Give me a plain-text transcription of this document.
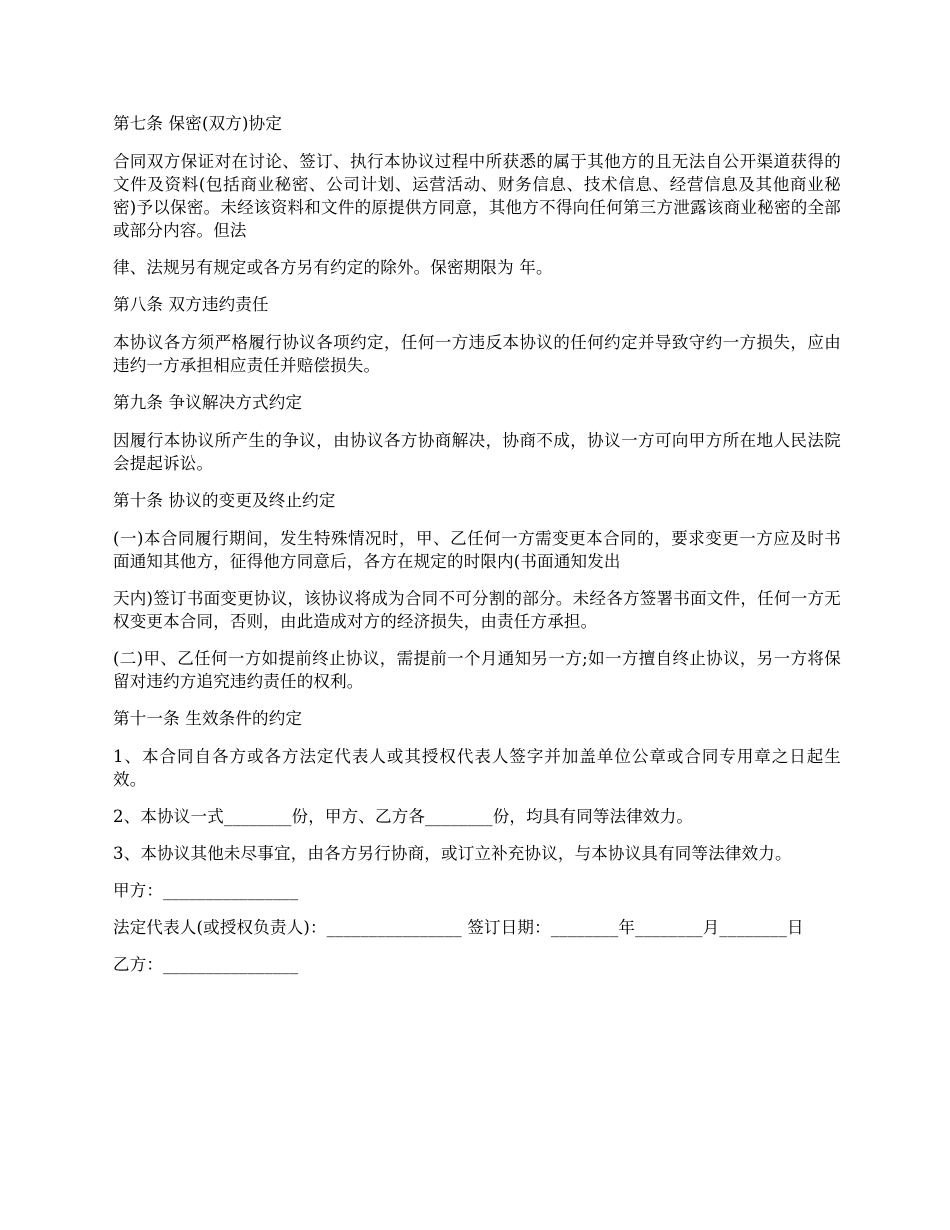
第七条 保密(双方)协定

合同双方保证对在讨论、签订、执行本协议过程中所获悉的属于其他方的且无法自公开渠道获得的文件及资料(包括商业秘密、公司计划、运营活动、财务信息、技术信息、经营信息及其他商业秘密)予以保密。未经该资料和文件的原提供方同意，其他方不得向任何第三方泄露该商业秘密的全部或部分内容。但法

律、法规另有规定或各方另有约定的除外。保密期限为 年。

第八条 双方违约责任

本协议各方须严格履行协议各项约定，任何一方违反本协议的任何约定并导致守约一方损失，应由违约一方承担相应责任并赔偿损失。

第九条 争议解决方式约定

因履行本协议所产生的争议，由协议各方协商解决，协商不成，协议一方可向甲方所在地人民法院会提起诉讼。

第十条 协议的变更及终止约定

(一)本合同履行期间，发生特殊情况时，甲、乙任何一方需变更本合同的，要求变更一方应及时书面通知其他方，征得他方同意后，各方在规定的时限内(书面通知发出

天内)签订书面变更协议，该协议将成为合同不可分割的部分。未经各方签署书面文件，任何一方无权变更本合同，否则，由此造成对方的经济损失，由责任方承担。

(二)甲、乙任何一方如提前终止协议，需提前一个月通知另一方;如一方擅自终止协议，另一方将保留对违约方追究违约责任的权利。

第十一条 生效条件的约定

1、本合同自各方或各方法定代表人或其授权代表人签字并加盖单位公章或合同专用章之日起生效。

2、本协议一式________份，甲方、乙方各________份，均具有同等法律效力。

3、本协议其他未尽事宜，由各方另行协商，或订立补充协议，与本协议具有同等法律效力。

甲方：________________

法定代表人(或授权负责人)：________________ 签订日期：________年________月________日

乙方：________________
